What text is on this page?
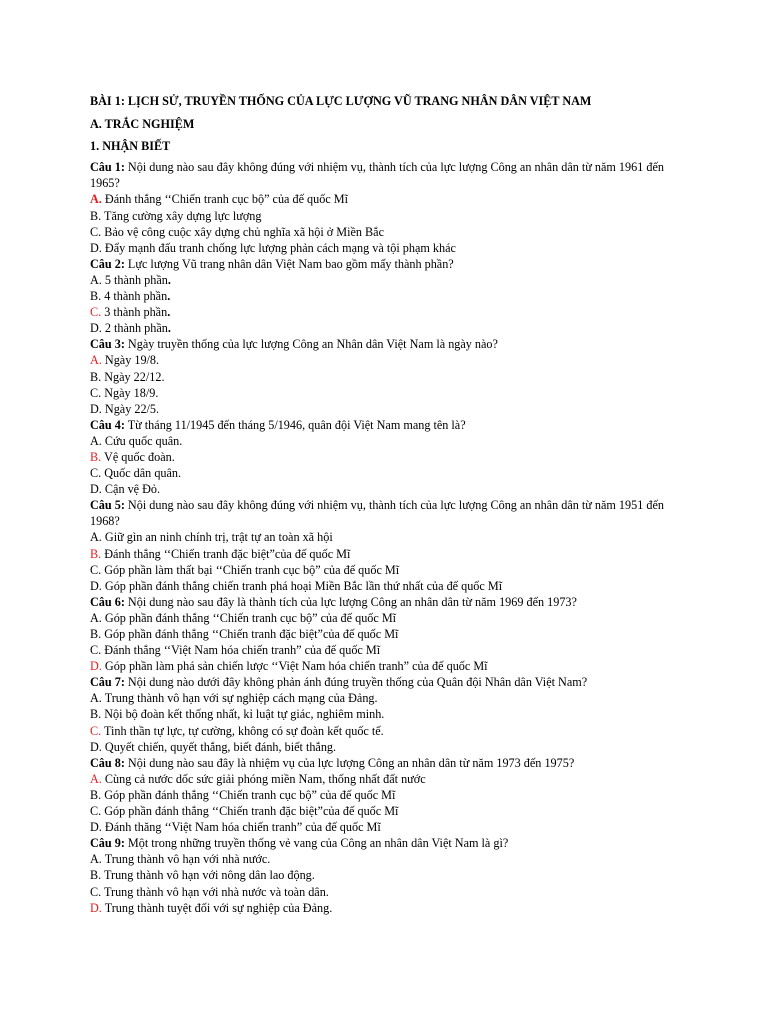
BÀI 1: LỊCH SỬ, TRUYỀN THỐNG CỦA LỰC LƯỢNG VŨ TRANG NHÂN DÂN VIỆT NAM

A. TRẮC NGHIỆM

1. NHẬN BIẾT

Câu 1: Nội dung nào sau đây không đúng với nhiệm vụ, thành tích của lực lượng Công an nhân dân từ năm 1961 đến 1965?

A. Đánh thắng ‘‘Chiến tranh cục bộ” của đế quốc Mĩ

B. Tăng cường xây dựng lực lượng

C. Bảo vệ công cuộc xây dựng chủ nghĩa xã hội ở Miền Bắc

D. Đẩy mạnh đấu tranh chống lực lượng phản cách mạng và tội phạm khác

Câu 2: Lực lượng Vũ trang nhân dân Việt Nam bao gồm mấy thành phần?

A. 5 thành phần.

B. 4 thành phần.

C. 3 thành phần.

D. 2 thành phần.

Câu 3: Ngày truyền thống của lực lượng Công an Nhân dân Việt Nam là ngày nào?

A. Ngày 19/8.

B. Ngày 22/12.

C. Ngày 18/9.

D. Ngày 22/5.

Câu 4: Từ tháng 11/1945 đến tháng 5/1946, quân đội Việt Nam mang tên là?

A. Cứu quốc quân.

B. Vệ quốc đoàn.

C. Quốc dân quân.

D. Cận vệ Đỏ.

Câu 5: Nội dung nào sau đây không đúng với nhiệm vụ, thành tích của lực lượng Công an nhân dân từ năm 1951 đến 1968?

A. Giữ gìn an ninh chính trị, trật tự an toàn xã hội

B. Đánh thắng ‘‘Chiến tranh đặc biệt”của đế quốc Mĩ

C. Góp phần làm thất bại ‘‘Chiến tranh cục bộ” của đế quốc Mĩ

D. Góp phần đánh thắng chiến tranh phá hoại Miền Bắc lần thứ nhất của đế quốc Mĩ

Câu 6: Nội dung nào sau đây là thành tích của lực lượng Công an nhân dân từ năm 1969 đến 1973?

A. Góp phần đánh thắng ‘‘Chiến tranh cục bộ” của đế quốc Mĩ

B. Góp phần đánh thắng ‘‘Chiến tranh đặc biệt”của đế quốc Mĩ

C. Đánh thắng ‘‘Việt Nam hóa chiến tranh” của đế quốc Mĩ

D. Góp phần làm phá sản chiến lược ‘‘Việt Nam hóa chiến tranh” của đế quốc Mĩ

Câu 7: Nội dung nào dưới đây không phản ánh đúng truyền thống của Quân đội Nhân dân Việt Nam?

A. Trung thành vô hạn với sự nghiệp cách mạng của Đảng.

B. Nội bộ đoàn kết thống nhất, kỉ luật tự giác, nghiêm minh.

C. Tinh thần tự lực, tự cường, không có sự đoàn kết quốc tế.

D. Quyết chiến, quyết thắng, biết đánh, biết thắng.

Câu 8: Nội dung nào sau đây là nhiệm vụ của lực lượng Công an nhân dân từ năm 1973 đến 1975?

A. Cùng cả nước dốc sức giải phóng miền Nam, thống nhất đất nước

B. Góp phần đánh thắng ‘‘Chiến tranh cục bộ” của đế quốc Mĩ

C. Góp phần đánh thắng ‘‘Chiến tranh đặc biệt”của đế quốc Mĩ

D. Đánh thăng ‘‘Việt Nam hóa chiến tranh” của đế quốc Mĩ

Câu 9: Một trong những truyền thống vẻ vang của Công an nhân dân Việt Nam là gì?

A. Trung thành vô hạn với nhà nước.

B. Trung thành vô hạn với nông dân lao động.

C. Trung thành vô hạn với nhà nước và toàn dân.

D. Trung thành tuyệt đối với sự nghiệp của Đảng.
